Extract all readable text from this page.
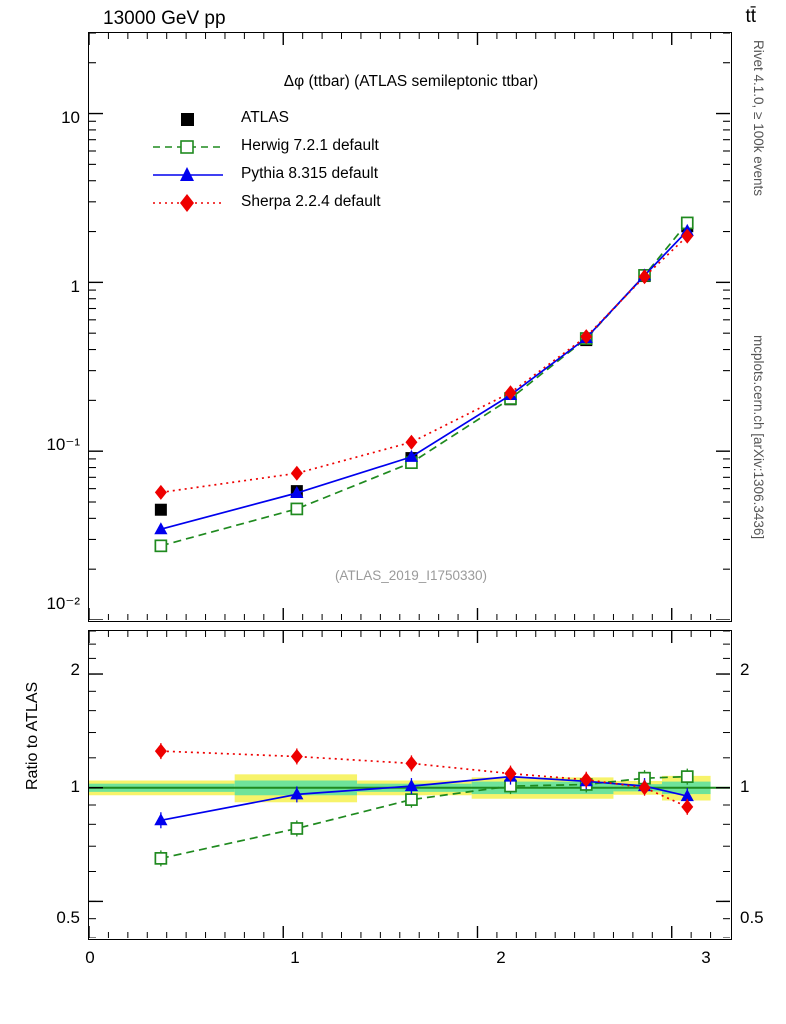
13000 GeV pp	tt̄
Rivet 4.1.0, ≥ 100k events
mcplots.cern.ch [arXiv:1306.3436]
Δφ (ttbar) (ATLAS semileptonic ttbar)
ATLAS
Herwig 7.2.1 default
Pythia 8.315 default
Sherpa 2.2.4 default
(ATLAS_2019_I1750330)
10
1
10⁻¹
10⁻²
Ratio to ATLAS
2
1
0.5
2
1
0.5
0	1	2	3
